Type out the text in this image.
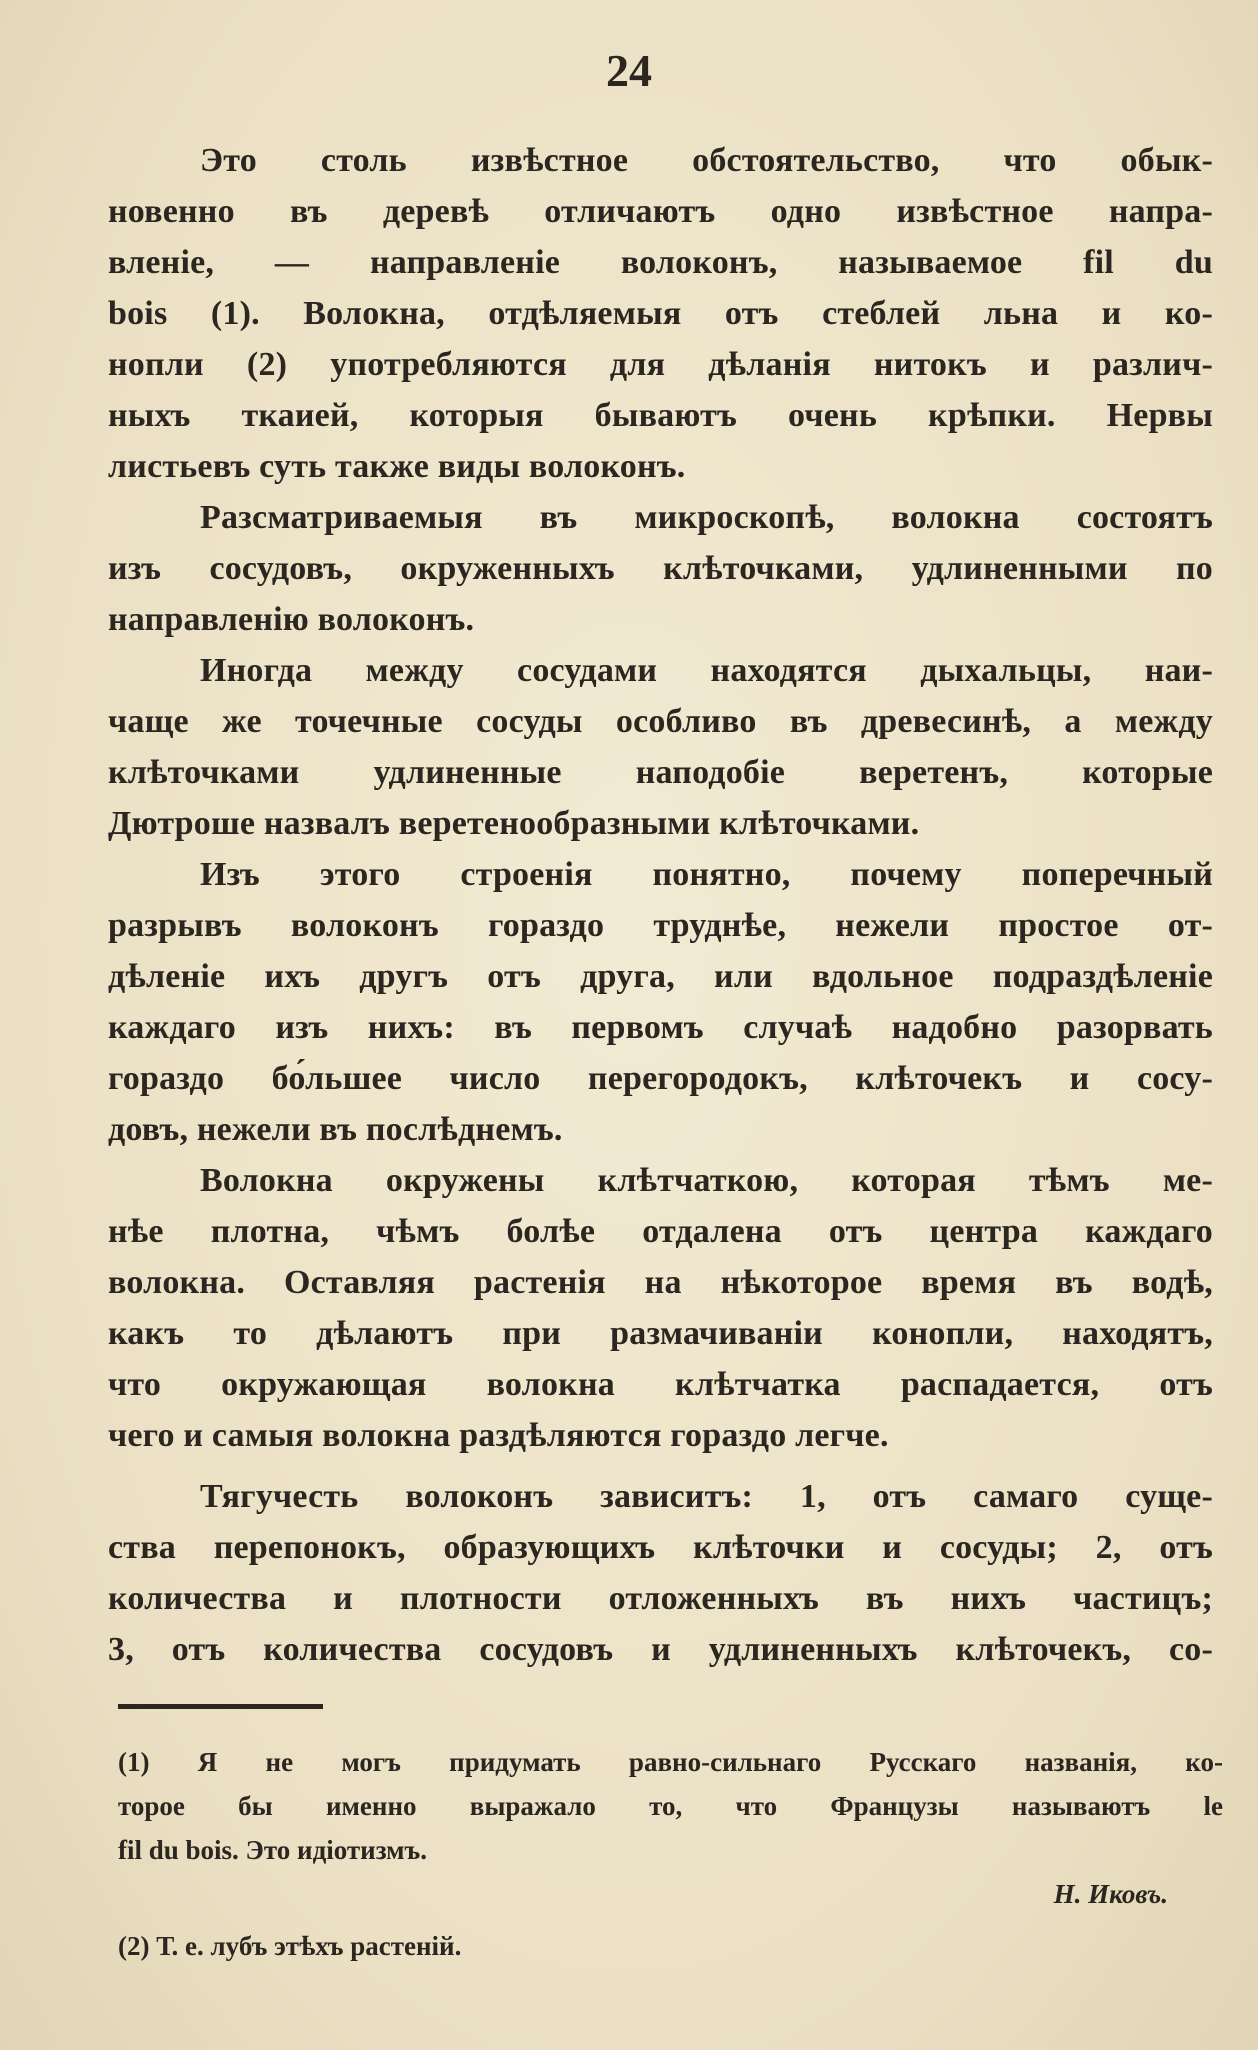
24
Это столь извѣстное обстоятельство, что обык-
новенно въ деревѣ отличаютъ одно извѣстное напра-
вленіе, — направленіе волоконъ, называемое fil du
bois (1). Волокна, отдѣляемыя отъ стеблей льна и ко-
нопли (2) употребляются для дѣланія нитокъ и различ-
ныхъ ткаией, которыя бываютъ очень крѣпки. Нервы
листьевъ суть также виды волоконъ.
Разсматриваемыя въ микроскопѣ, волокна состоятъ
изъ сосудовъ, окруженныхъ клѣточками, удлиненными по
направленію волоконъ.
Иногда между сосудами находятся дыхальцы, наи-
чаще же точечные сосуды особливо въ древесинѣ, а между
клѣточками удлиненные наподобіе веретенъ, которые
Дютроше назвалъ веретенообразными клѣточками.
Изъ этого строенія понятно, почему поперечный
разрывъ волоконъ гораздо труднѣе, нежели простое от-
дѣленіе ихъ другъ отъ друга, или вдольное подраздѣленіе
каждаго изъ нихъ: въ первомъ случаѣ надобно разорвать
гораздо бо́льшее число перегородокъ, клѣточекъ и сосу-
довъ, нежели въ послѣднемъ.
Волокна окружены клѣтчаткою, которая тѣмъ ме-
нѣе плотна, чѣмъ болѣе отдалена отъ центра каждаго
волокна. Оставляя растенія на нѣкоторое время въ водѣ,
какъ то дѣлаютъ при размачиваніи конопли, находятъ,
что окружающая волокна клѣтчатка распадается, отъ
чего и самыя волокна раздѣляются гораздо легче.
Тягучесть волоконъ зависитъ: 1, отъ самаго суще-
ства перепонокъ, образующихъ клѣточки и сосуды; 2, отъ
количества и плотности отложенныхъ въ нихъ частицъ;
3, отъ количества сосудовъ и удлиненныхъ клѣточекъ, со-
(1) Я не могъ придумать равно-сильнаго Русскаго названія, ко-
торое бы именно выражало то, что Французы называютъ le
fil du bois. Это идіотизмъ.
Н. Иковъ.
(2) Т. е. лубъ этѣхъ растеній.
